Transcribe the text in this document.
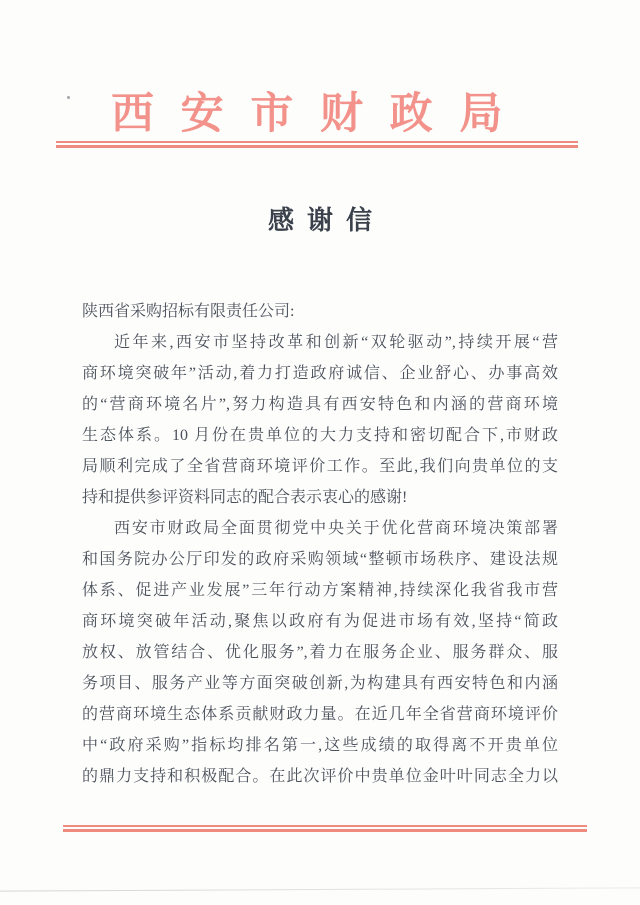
西安市财政局
感谢信
陕西省采购招标有限责任公司:
近年来,西安市坚持改革和创新“双轮驱动”,持续开展“营
商环境突破年”活动,着力打造政府诚信、企业舒心、办事高效
的“营商环境名片”,努力构造具有西安特色和内涵的营商环境
生态体系。10 月份在贵单位的大力支持和密切配合下,市财政
局顺利完成了全省营商环境评价工作。至此,我们向贵单位的支
持和提供参评资料同志的配合表示衷心的感谢!
西安市财政局全面贯彻党中央关于优化营商环境决策部署
和国务院办公厅印发的政府采购领域“整顿市场秩序、建设法规
体系、促进产业发展”三年行动方案精神,持续深化我省我市营
商环境突破年活动,聚焦以政府有为促进市场有效,坚持“简政
放权、放管结合、优化服务”,着力在服务企业、服务群众、服
务项目、服务产业等方面突破创新,为构建具有西安特色和内涵
的营商环境生态体系贡献财政力量。在近几年全省营商环境评价
中“政府采购”指标均排名第一,这些成绩的取得离不开贵单位
的鼎力支持和积极配合。在此次评价中贵单位金叶叶同志全力以
